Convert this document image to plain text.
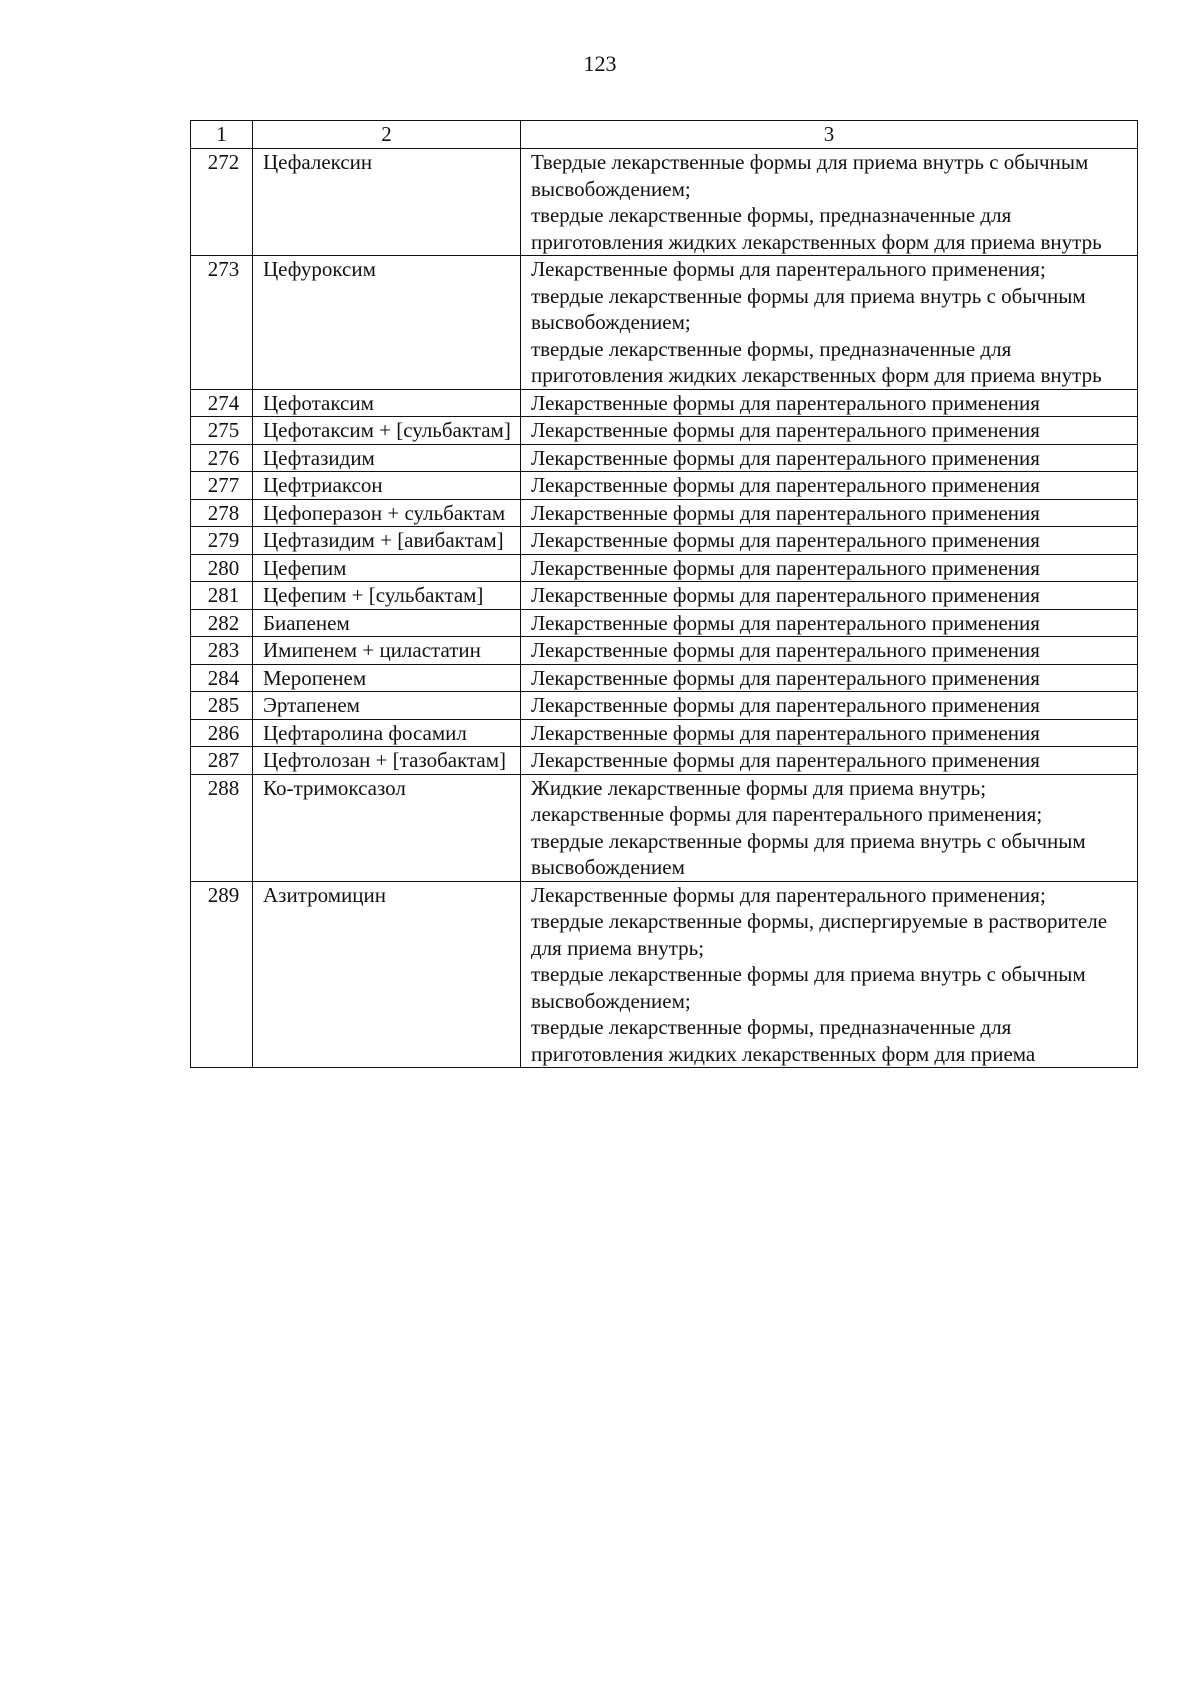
123
1	2	3
272	Цефалексин	Твердые лекарственные формы для приема внутрь с обычным высвобождением;
твердые лекарственные формы, предназначенные для приготовления жидких лекарственных форм для приема внутрь

273	Цефуроксим	Лекарственные формы для парентерального применения;
твердые лекарственные формы для приема внутрь с обычным высвобождением;
твердые лекарственные формы, предназначенные для приготовления жидких лекарственных форм для приема внутрь

274	Цефотаксим	Лекарственные формы для парентерального применения

275	Цефотаксим + [сульбактам]	Лекарственные формы для парентерального применения

276	Цефтазидим	Лекарственные формы для парентерального применения

277	Цефтриаксон	Лекарственные формы для парентерального применения

278	Цефоперазон + сульбактам	Лекарственные формы для парентерального применения

279	Цефтазидим + [авибактам]	Лекарственные формы для парентерального применения

280	Цефепим	Лекарственные формы для парентерального применения

281	Цефепим + [сульбактам]	Лекарственные формы для парентерального применения

282	Биапенем	Лекарственные формы для парентерального применения

283	Имипенем + циластатин	Лекарственные формы для парентерального применения

284	Меропенем	Лекарственные формы для парентерального применения

285	Эртапенем	Лекарственные формы для парентерального применения

286	Цефтаролина фосамил	Лекарственные формы для парентерального применения

287	Цефтолозан + [тазобактам]	Лекарственные формы для парентерального применения

288	Ко-тримоксазол	Жидкие лекарственные формы для приема внутрь;
лекарственные формы для парентерального применения;
твердые лекарственные формы для приема внутрь с обычным высвобождением

289	Азитромицин	Лекарственные формы для парентерального применения;
твердые лекарственные формы, диспергируемые в растворителе для приема внутрь;
твердые лекарственные формы для приема внутрь с обычным высвобождением;
твердые лекарственные формы, предназначенные для приготовления жидких лекарственных форм для приема
